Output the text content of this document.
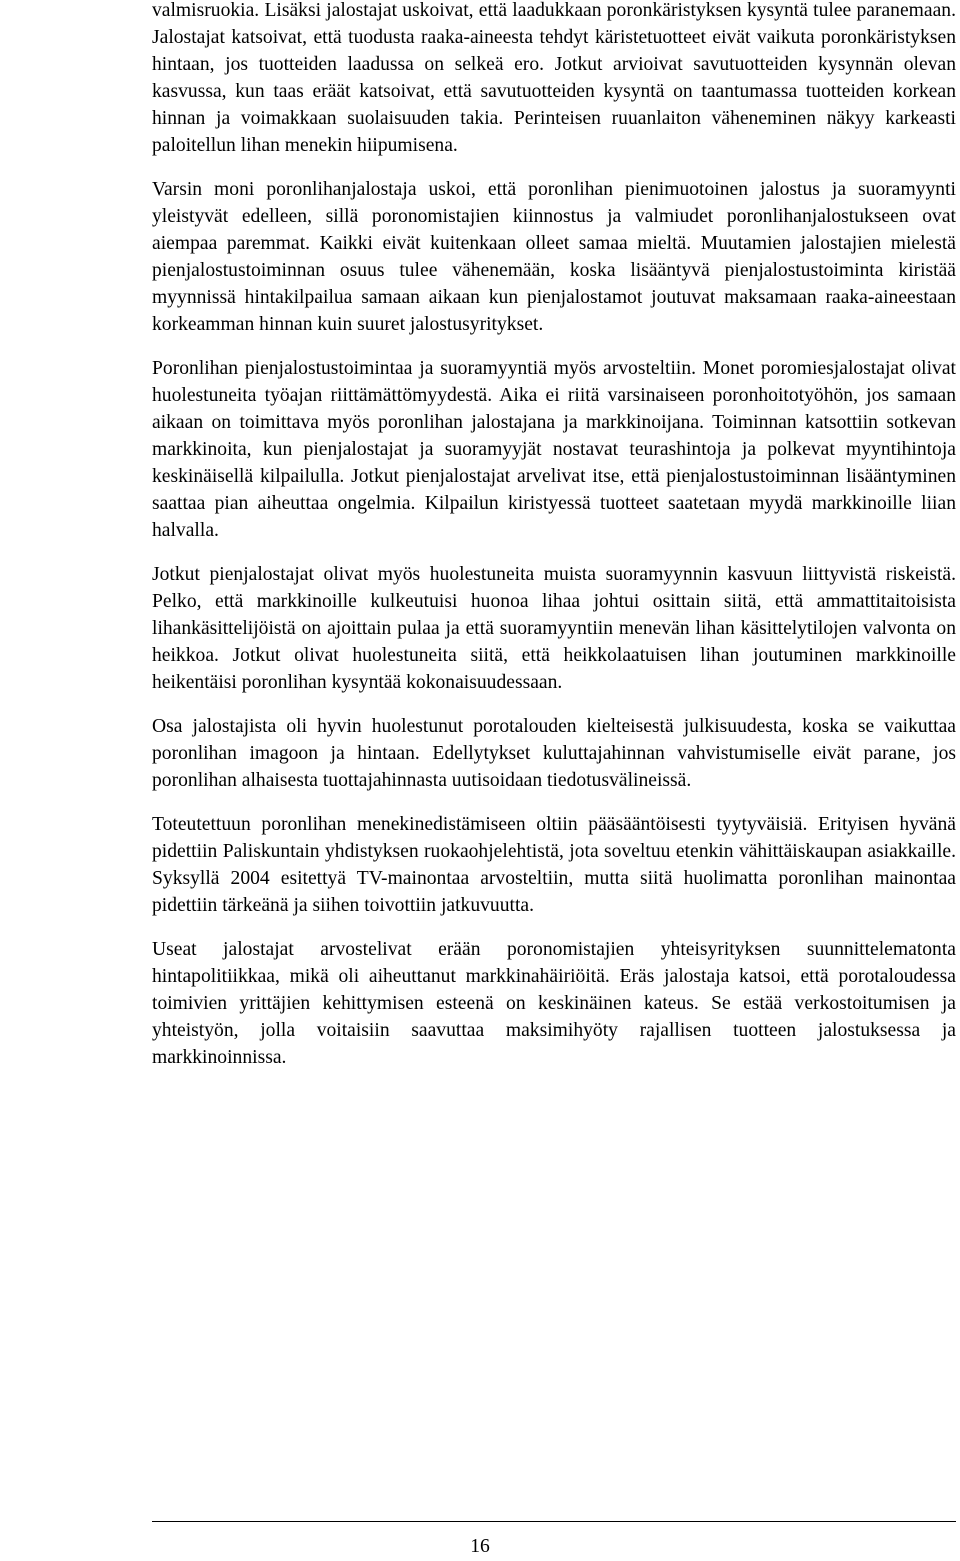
valmisruokia. Lisäksi jalostajat uskoivat, että laadukkaan poronkäristyksen kysyntä tulee paranemaan. Jalostajat katsoivat, että tuodusta raaka-aineesta tehdyt käristetuotteet eivät vaikuta poronkäristyksen hintaan, jos tuotteiden laadussa on selkeä ero. Jotkut arvioivat savutuotteiden kysynnän olevan kasvussa, kun taas eräät katsoivat, että savutuotteiden kysyntä on taantumassa tuotteiden korkean hinnan ja voimakkaan suolaisuuden takia. Perinteisen ruuanlaiton väheneminen näkyy karkeasti paloitellun lihan menekin hiipumisena.

Varsin moni poronlihanjalostaja uskoi, että poronlihan pienimuotoinen jalostus ja suoramyynti yleistyvät edelleen, sillä poronomistajien kiinnostus ja valmiudet poronlihanjalostukseen ovat aiempaa paremmat. Kaikki eivät kuitenkaan olleet samaa mieltä. Muutamien jalostajien mielestä pienjalostustoiminnan osuus tulee vähenemään, koska lisääntyvä pienjalostustoiminta kiristää myynnissä hintakilpailua samaan aikaan kun pienjalostamot joutuvat maksamaan raaka-aineestaan korkeamman hinnan kuin suuret jalostusyritykset.

Poronlihan pienjalostustoimintaa ja suoramyyntiä myös arvosteltiin. Monet poromiesjalostajat olivat huolestuneita työajan riittämättömyydestä. Aika ei riitä varsinaiseen poronhoitotyöhön, jos samaan aikaan on toimittava myös poronlihan jalostajana ja markkinoijana. Toiminnan katsottiin sotkevan markkinoita, kun pienjalostajat ja suoramyyjät nostavat teurashintoja ja polkevat myyntihintoja keskinäisellä kilpailulla. Jotkut pienjalostajat arvelivat itse, että pienjalostustoiminnan lisääntyminen saattaa pian aiheuttaa ongelmia. Kilpailun kiristyessä tuotteet saatetaan myydä markkinoille liian halvalla.

Jotkut pienjalostajat olivat myös huolestuneita muista suoramyynnin kasvuun liittyvistä riskeistä. Pelko, että markkinoille kulkeutuisi huonoa lihaa johtui osittain siitä, että ammattitaitoisista lihankäsittelijöistä on ajoittain pulaa ja että suoramyyntiin menevän lihan käsittelytilojen valvonta on heikkoa. Jotkut olivat huolestuneita siitä, että heikkolaatuisen lihan joutuminen markkinoille heikentäisi poronlihan kysyntää kokonaisuudessaan.

Osa jalostajista oli hyvin huolestunut porotalouden kielteisestä julkisuudesta, koska se vaikuttaa poronlihan imagoon ja hintaan. Edellytykset kuluttajahinnan vahvistumiselle eivät parane, jos poronlihan alhaisesta tuottajahinnasta uutisoidaan tiedotusvälineissä.

Toteutettuun poronlihan menekinedistämiseen oltiin pääsääntöisesti tyytyväisiä. Erityisen hyvänä pidettiin Paliskuntain yhdistyksen ruokaohjelehtistä, jota soveltuu etenkin vähittäiskaupan asiakkaille. Syksyllä 2004 esitettyä TV-mainontaa arvosteltiin, mutta siitä huolimatta poronlihan mainontaa pidettiin tärkeänä ja siihen toivottiin jatkuvuutta.

Useat jalostajat arvostelivat erään poronomistajien yhteisyrityksen suunnittelematonta hintapolitiikkaa, mikä oli aiheuttanut markkinahäiriöitä. Eräs jalostaja katsoi, että porotaloudessa toimivien yrittäjien kehittymisen esteenä on keskinäinen kateus. Se estää verkostoitumisen ja yhteistyön, jolla voitaisiin saavuttaa maksimihyöty rajallisen tuotteen jalostuksessa ja markkinoinnissa.

16
